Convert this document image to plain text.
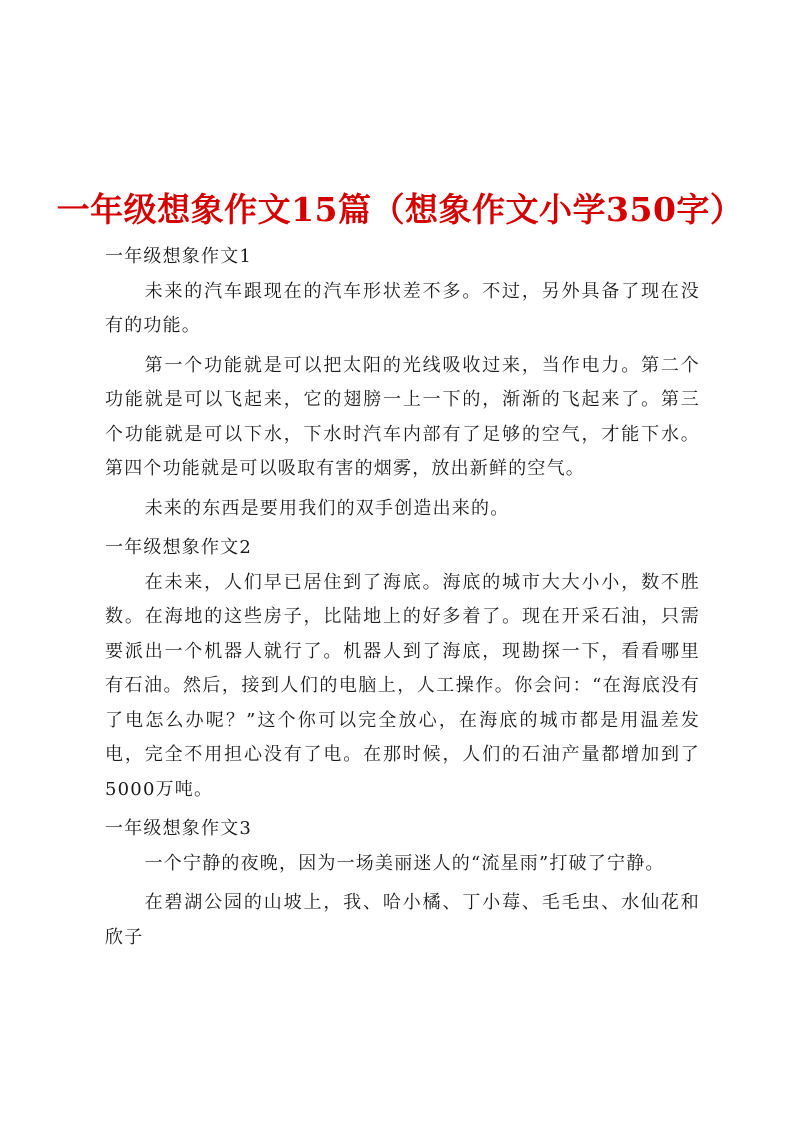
一年级想象作文15篇（想象作文小学350字）
一年级想象作文1

未来的汽车跟现在的汽车形状差不多。不过，另外具备了现在没有的功能。

第一个功能就是可以把太阳的光线吸收过来，当作电力。第二个功能就是可以飞起来，它的翅膀一上一下的，渐渐的飞起来了。第三个功能就是可以下水，下水时汽车内部有了足够的空气，才能下水。第四个功能就是可以吸取有害的烟雾，放出新鲜的空气。

未来的东西是要用我们的双手创造出来的。

一年级想象作文2

在未来，人们早已居住到了海底。海底的城市大大小小，数不胜数。在海地的这些房子，比陆地上的好多着了。现在开采石油，只需要派出一个机器人就行了。机器人到了海底，现勘探一下，看看哪里有石油。然后，接到人们的电脑上，人工操作。你会问：“在海底没有了电怎么办呢？”这个你可以完全放心，在海底的城市都是用温差发电，完全不用担心没有了电。在那时候，人们的石油产量都增加到了5000万吨。

一年级想象作文3

一个宁静的夜晚，因为一场美丽迷人的“流星雨”打破了宁静。

在碧湖公园的山坡上，我、哈小橘、丁小莓、毛毛虫、水仙花和欣子
